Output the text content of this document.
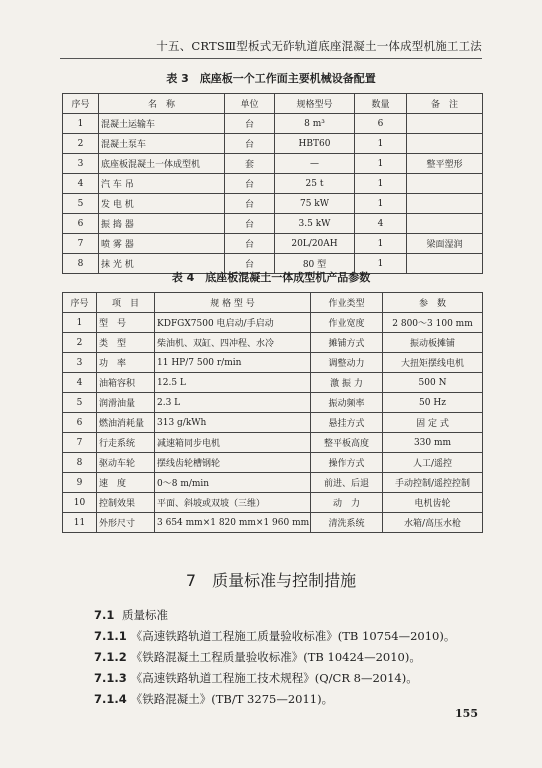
十五、CRTSⅢ型板式无砟轨道底座混凝土一体成型机施工工法
表 3　底座板一个工作面主要机械设备配置
序号	名　称	单位	规格型号	数量	备　注
1	混凝土运输车	台	8 m³	6	
2	混凝土泵车	台	HBT60	1	
3	底座板混凝土一体成型机	套	—	1	整平塑形
4	汽 车 吊	台	25 t	1	
5	发 电 机	台	75 kW	1	
6	振 捣 器	台	3.5 kW	4	
7	喷 雾 器	台	20L/20AH	1	梁面湿润
8	抹 光 机	台	80 型	1	
表 4　底座板混凝土一体成型机产品参数
序号	项　目	规 格 型 号	作业类型	参　数
1	型　号	KDFGX7500 电启动/手启动	作业宽度	2 800～3 100 mm
2	类　型	柴油机、双缸、四冲程、水冷	摊铺方式	振动板摊铺
3	功　率	11 HP/7 500 r/min	调整动力	大扭矩摆线电机
4	油箱容积	12.5 L	激 振 力	500 N
5	润滑油量	2.3 L	振动频率	50 Hz
6	燃油消耗量	313 g/kWh	悬挂方式	固 定 式
7	行走系统	减速箱同步电机	整平板高度	330 mm
8	驱动车轮	摆线齿轮槽钢轮	操作方式	人工/遥控
9	速　度	0～8 m/min	前进、后退	手动控制/遥控控制
10	控制效果	平面、斜坡或双坡（三维）	动　力	电机齿轮
11	外形尺寸	3 654 mm×1 820 mm×1 960 mm	清洗系统	水箱/高压水枪
7　质量标准与控制措施
7.1 质量标准
7.1.1 《高速铁路轨道工程施工质量验收标准》(TB 10754—2010)。
7.1.2 《铁路混凝土工程质量验收标准》(TB 10424—2010)。
7.1.3 《高速铁路轨道工程施工技术规程》(Q/CR 8—2014)。
7.1.4 《铁路混凝土》(TB/T 3275—2011)。
155
